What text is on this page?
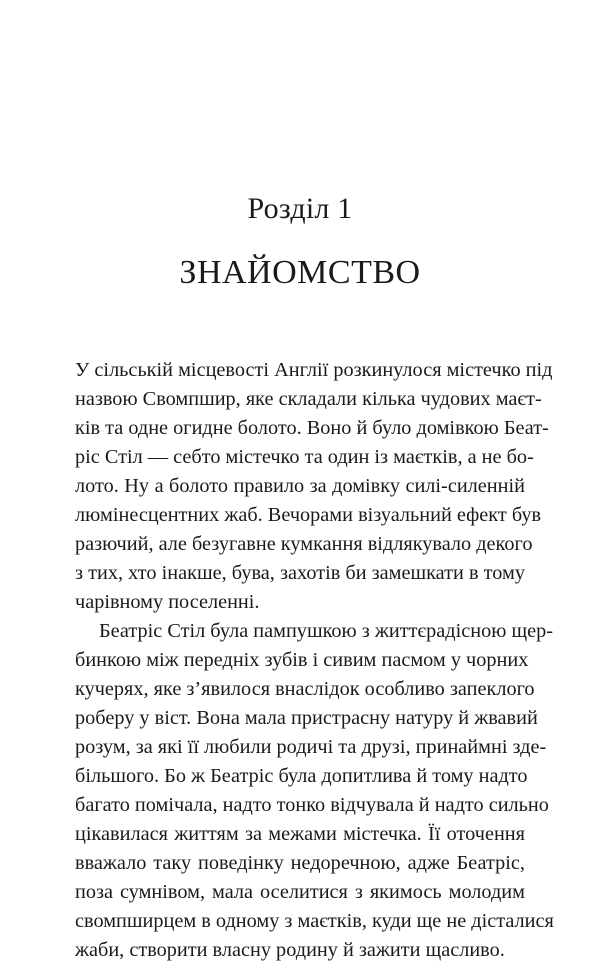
Розділ 1
ЗНАЙОМСТВО
У сільській місцевості Англії розкинулося містечко під
назвою Свомпшир, яке складали кілька чудових маєт-
ків та одне огидне болото. Воно й було домівкою Беат-
ріс Стіл — себто містечко та один із маєтків, а не бо-
лото. Ну а болото правило за домівку силі-силенній
люмінесцентних жаб. Вечорами візуальний ефект був
разючий, але безугавне кумкання відлякувало декого
з тих, хто інакше, бува, захотів би замешкати в тому
чарівному поселенні.
Беатріс Стіл була пампушкою з життєрадісною щер-
бинкою між передніх зубів і сивим пасмом у чорних
кучерях, яке з’явилося внаслідок особливо запеклого
роберу у віст. Вона мала пристрасну натуру й жвавий
розум, за які її любили родичі та друзі, принаймні зде-
більшого. Бо ж Беатріс була допитлива й тому надто
багато помічала, надто тонко відчувала й надто сильно
цікавилася життям за межами містечка. Її оточення
вважало таку поведінку недоречною, адже Беатріс,
поза сумнівом, мала оселитися з якимось молодим
свомпширцем в одному з маєтків, куди ще не дісталися
жаби, створити власну родину й зажити щасливо.
